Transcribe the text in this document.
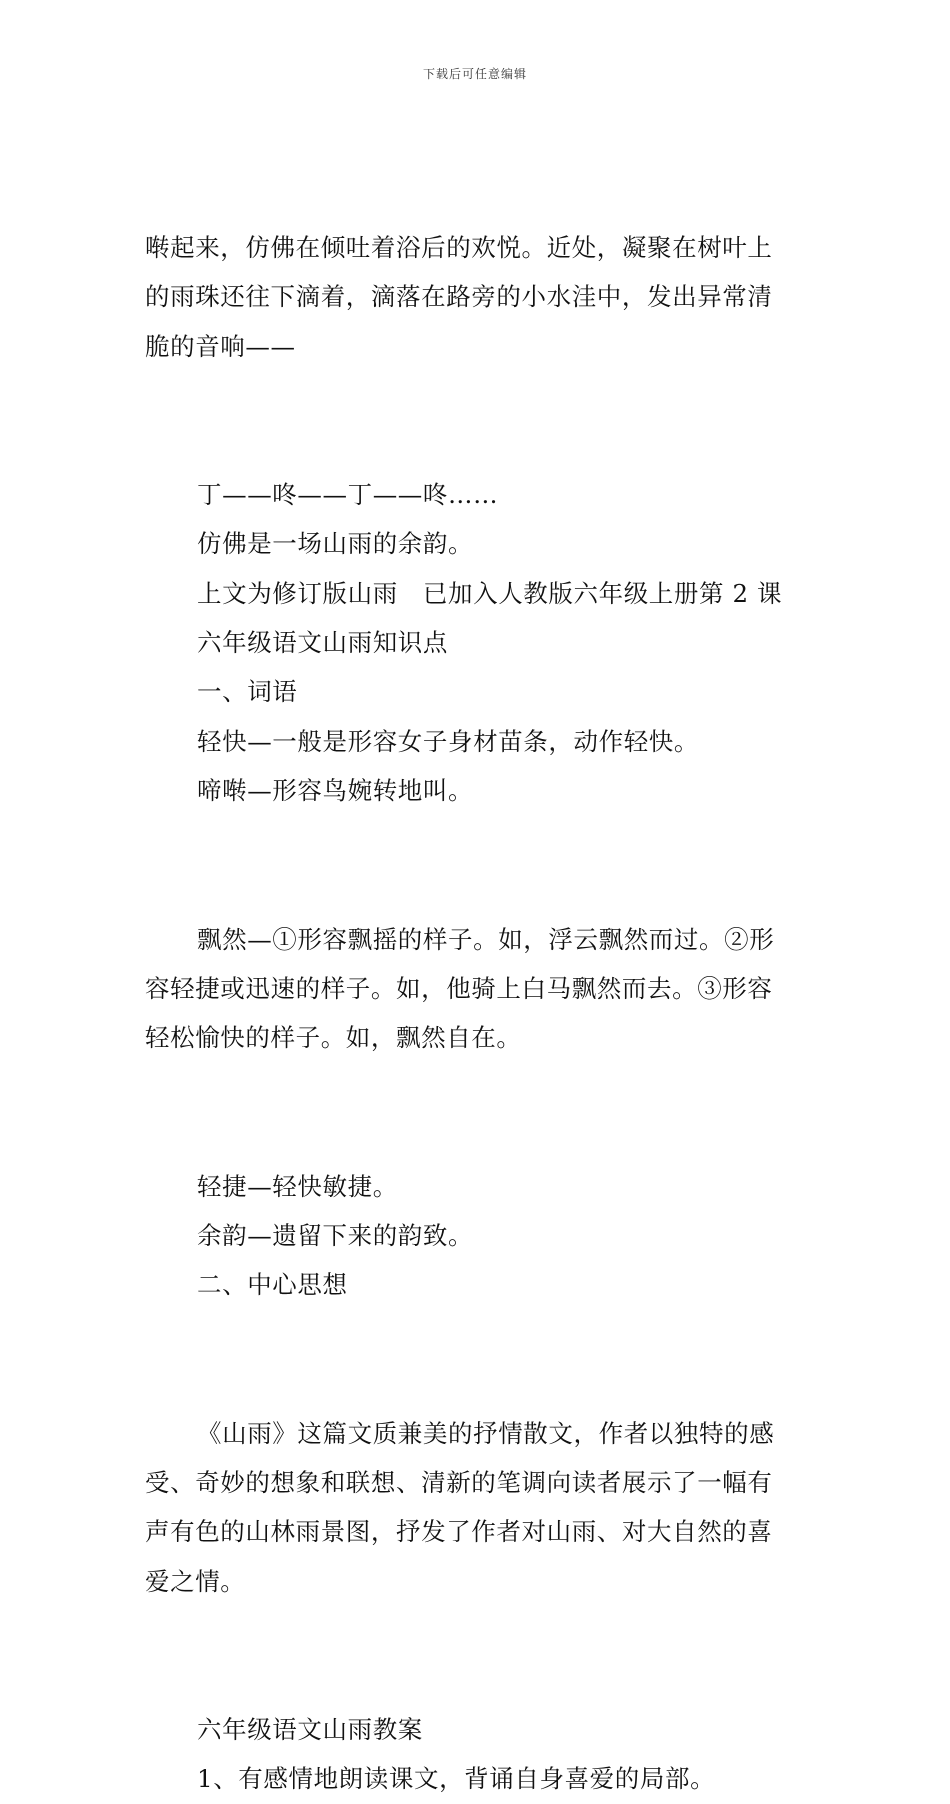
下载后可任意编辑

啭起来，仿佛在倾吐着浴后的欢悦。近处，凝聚在树叶上
的雨珠还往下滴着，滴落在路旁的小水洼中，发出异常清
脆的音响——

丁——咚——丁——咚……

仿佛是一场山雨的余韵。

上文为修订版山雨　已加入人教版六年级上册第 2 课

六年级语文山雨知识点

一、词语

轻快—一般是形容女子身材苗条，动作轻快。

啼啭—形容鸟婉转地叫。

飘然—①形容飘摇的样子。如，浮云飘然而过。②形
容轻捷或迅速的样子。如，他骑上白马飘然而去。③形容
轻松愉快的样子。如，飘然自在。

轻捷—轻快敏捷。

余韵—遗留下来的韵致。

二、中心思想

《山雨》这篇文质兼美的抒情散文，作者以独特的感
受、奇妙的想象和联想、清新的笔调向读者展示了一幅有
声有色的山林雨景图，抒发了作者对山雨、对大自然的喜
爱之情。

六年级语文山雨教案

1、有感情地朗读课文，背诵自身喜爱的局部。
